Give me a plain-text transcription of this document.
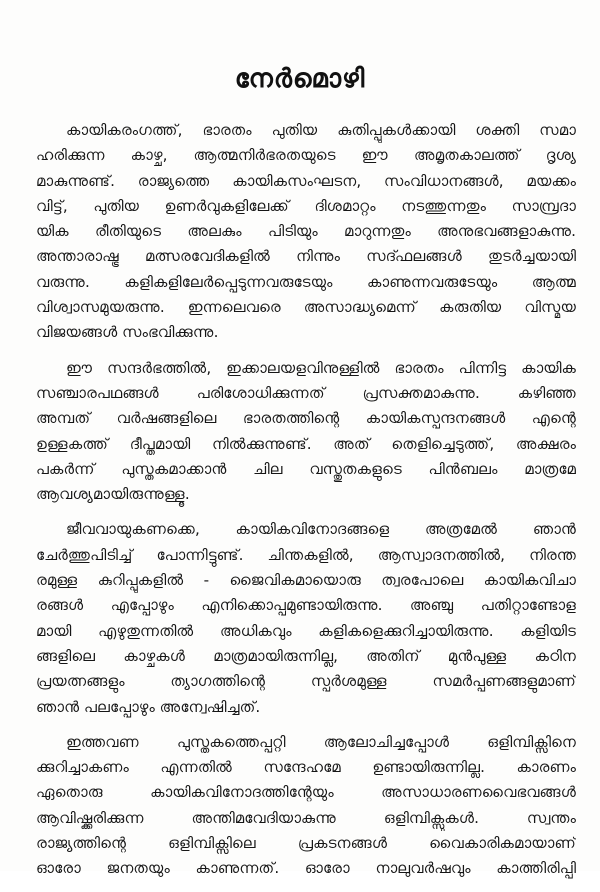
നേർമൊഴി
കായികരംഗത്ത്, ഭാരതം പുതിയ കുതിപ്പുകൾക്കായി ശക്തി സമാ
ഹരിക്കുന്ന കാഴ്ച, ആത്മനിർഭരതയുടെ ഈ അമൃതകാലത്ത് ദൃശ്യ
മാകുന്നുണ്ട്. രാജ്യത്തെ കായികസംഘടന, സംവിധാനങ്ങൾ, മയക്കം
വിട്ട്, പുതിയ ഉണർവുകളിലേക്ക് ദിശമാറ്റം നടത്തുന്നതും സാമ്പ്രദാ
യിക രീതിയുടെ അലകും പിടിയും മാറുന്നതും അനുഭവങ്ങളാകുന്നു.
അന്താരാഷ്ട്ര മത്സരവേദികളിൽ നിന്നും സദ്ഫലങ്ങൾ തുടർച്ചയായി
വരുന്നു. കളികളിലേർപ്പെടുന്നവരുടേയും കാണുന്നവരുടേയും ആത്മ
വിശ്വാസമുയരുന്നു. ഇന്നലെവരെ അസാദ്ധ്യമെന്ന് കരുതിയ വിസ്മയ
വിജയങ്ങൾ സംഭവിക്കുന്നു.
ഈ സന്ദർഭത്തിൽ, ഇക്കാലയളവിനുള്ളിൽ ഭാരതം പിന്നിട്ട കായിക
സഞ്ചാരപഥങ്ങൾ പരിശോധിക്കുന്നത് പ്രസക്തമാകുന്നു. കഴിഞ്ഞ
അമ്പത് വർഷങ്ങളിലെ ഭാരതത്തിന്റെ കായികസ്പന്ദനങ്ങൾ എന്റെ
ഉള്ളകത്ത് ദീപ്തമായി നിൽക്കുന്നുണ്ട്. അത് തെളിച്ചെടുത്ത്, അക്ഷരം
പകർന്ന് പുസ്തകമാക്കാൻ ചില വസ്തുതകളുടെ പിൻബലം മാത്രമേ
ആവശ്യമായിരുന്നുള്ളൂ.
ജീവവായുകണക്കെ, കായികവിനോദങ്ങളെ അത്രമേൽ ഞാൻ
ചേർത്തുപിടിച്ച് പോന്നിട്ടുണ്ട്. ചിന്തകളിൽ, ആസ്വാദനത്തിൽ, നിരന്ത
രമുള്ള കുറിപ്പുകളിൽ - ജൈവികമായൊരു ത്വരപോലെ കായികവിചാ
രങ്ങൾ എപ്പോഴും എനിക്കൊപ്പമുണ്ടായിരുന്നു. അഞ്ചു പതിറ്റാണ്ടോള
മായി എഴുതുന്നതിൽ അധികവും കളികളെക്കുറിച്ചായിരുന്നു. കളിയിട
ങ്ങളിലെ കാഴ്ചകൾ മാത്രമായിരുന്നില്ല, അതിന് മുൻപുള്ള കഠിന
പ്രയത്നങ്ങളും ത്യാഗത്തിന്റെ സ്പർശമുള്ള സമർപ്പണങ്ങളുമാണ്
ഞാൻ പലപ്പോഴും അന്വേഷിച്ചത്.
ഇത്തവണ പുസ്തകത്തെപ്പറ്റി ആലോചിച്ചപ്പോൾ ഒളിമ്പിക്സിനെ
ക്കുറിച്ചാകണം എന്നതിൽ സന്ദേഹമേ ഉണ്ടായിരുന്നില്ല. കാരണം
ഏതൊരു കായികവിനോദത്തിന്റേയും അസാധാരണവൈഭവങ്ങൾ
ആവിഷ്ക്കരിക്കുന്ന അന്തിമവേദിയാകുന്നു ഒളിമ്പിക്സുകൾ. സ്വന്തം
രാജ്യത്തിന്റെ ഒളിമ്പിക്സിലെ പ്രകടനങ്ങൾ വൈകാരികമായാണ്
ഓരോ ജനതയും കാണുന്നത്. ഓരോ നാലുവർഷവും കാത്തിരിപ്പി
